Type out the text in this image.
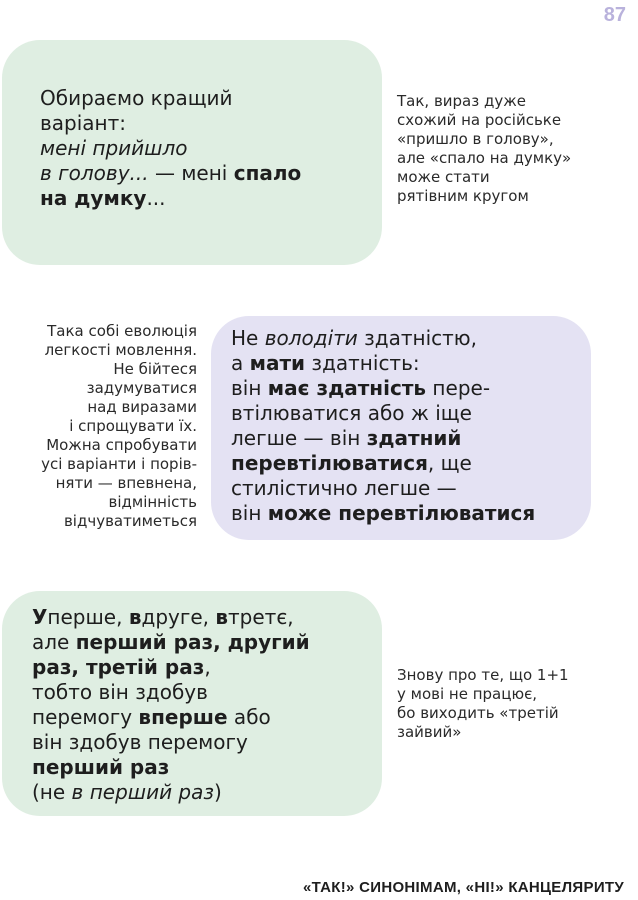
87
Обираємо кращий
варіант:
мені прийшло
в голову... — мені спало
на думку...
Так, вираз дуже
схожий на російське
«пришло в голову»,
але «спало на думку»
може стати
рятівним кругом
Така собі еволюція
легкості мовлення.
Не бійтеся
задумуватися
над виразами
і спрощувати їх.
Можна спробувати
усі варіанти і порів-
няти — впевнена,
відмінність
відчуватиметься
Не володіти здатністю,
а мати здатність:
він має здатність пере-
втілюватися або ж іще
легше — він здатний
перевтілюватися, ще
стилістично легше —
він може перевтілюватися
Уперше, вдруге, втретє,
але перший раз, другий
раз, третій раз,
тобто він здобув
перемогу вперше або
він здобув перемогу
перший раз
(не в перший раз)
Знову про те, що 1+1
у мові не працює,
бо виходить «третій
зайвий»
«ТАК!» СИНОНІМАМ, «НІ!» КАНЦЕЛЯРИТУ
